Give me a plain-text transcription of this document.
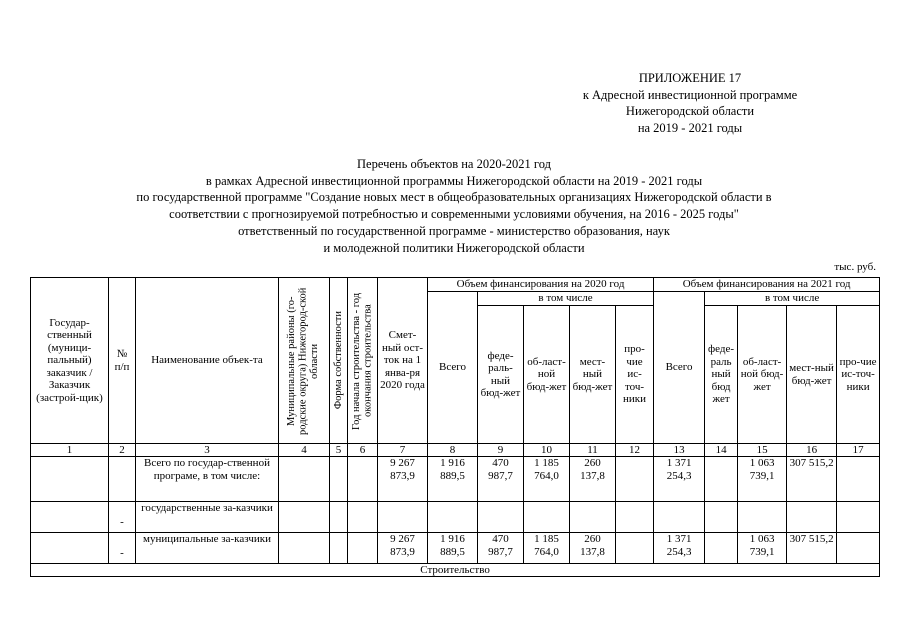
ПРИЛОЖЕНИЕ 17
к Адресной инвестиционной программе
Нижегородской области
на 2019 - 2021 годы
Перечень объектов на 2020-2021 год
в рамках Адресной инвестиционной программы Нижегородской области на 2019 - 2021 годы
по государственной программе "Создание новых мест в общеобразовательных организациях Нижегородской области в
соответствии с прогнозируемой потребностью и современными условиями обучения, на 2016 - 2025 годы"
ответственный по государственной программе - министерство образования, наук
и молодежной политики Нижегородской области
тыс. руб.
Государ-ственный (муници-пальный) заказчик / Заказчик (застрой-щик)	№ п/п	Наименование объек-та	Муниципальные районы (го-родские округа) Нижегород-ской области	Форма собственности	Год начала строительства - год окончания строительства	Смет-ный ост-ток на 1 янва-ря 2020 года	Объем финансирования на 2020 год					Объем финансирования на 2021 год				
							Всего	в том числе				Всего	в том числе			
								феде-раль-ный бюд-жет	об-ласт-ной бюд-жет	мест-ный бюд-жет	про-чие ис-точ-ники		феде-раль ный бюд жет	об-ласт-ной бюд-жет	мест-ный бюд-жет	про-чие ис-точ-ники
1	2	3	4	5	6	7	8	9	10	11	12	13	14	15	16	17
		Всего по государ-ственной програме, в том числе:				9 267 873,9	1 916 889,5	470 987,7	1 185 764,0	260 137,8		1 371 254,3		1 063 739,1	307 515,2	

	-	государственные за-казчики														

	-	муниципальные за-казчики				9 267 873,9	1 916 889,5	470 987,7	1 185 764,0	260 137,8		1 371 254,3		1 063 739,1	307 515,2	
Строительство																
